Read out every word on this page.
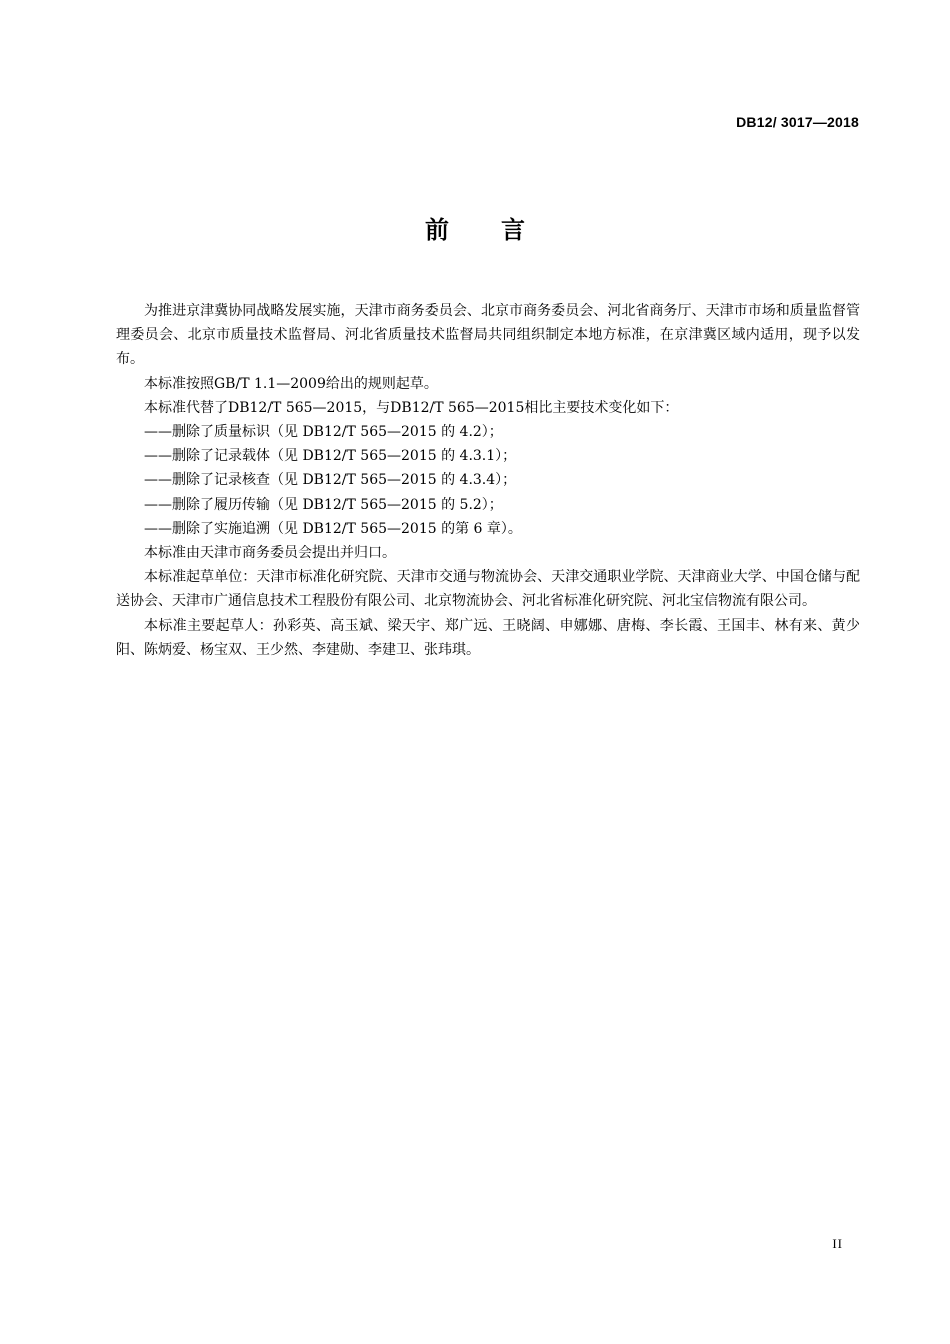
DB12/ 3017—2018
前言

为推进京津冀协同战略发展实施，天津市商务委员会、北京市商务委员会、河北省商务厅、天津市市场和质量监督管理委员会、北京市质量技术监督局、河北省质量技术监督局共同组织制定本地方标准，在京津冀区域内适用，现予以发布。

本标准按照GB/T 1.1—2009给出的规则起草。

本标准代替了DB12/T 565—2015，与DB12/T 565—2015相比主要技术变化如下：

——删除了质量标识（见 DB12/T 565—2015 的 4.2）；

——删除了记录载体（见 DB12/T 565—2015 的 4.3.1）；

——删除了记录核查（见 DB12/T 565—2015 的 4.3.4）；

——删除了履历传输（见 DB12/T 565—2015 的 5.2）；

——删除了实施追溯（见 DB12/T 565—2015 的第 6 章）。

本标准由天津市商务委员会提出并归口。

本标准起草单位：天津市标准化研究院、天津市交通与物流协会、天津交通职业学院、天津商业大学、中国仓储与配送协会、天津市广通信息技术工程股份有限公司、北京物流协会、河北省标准化研究院、河北宝信物流有限公司。

本标准主要起草人：孙彩英、高玉斌、梁天宇、郑广远、王晓阔、申娜娜、唐梅、李长霞、王国丰、林有来、黄少阳、陈炳爱、杨宝双、王少然、李建勋、李建卫、张玮琪。

II
